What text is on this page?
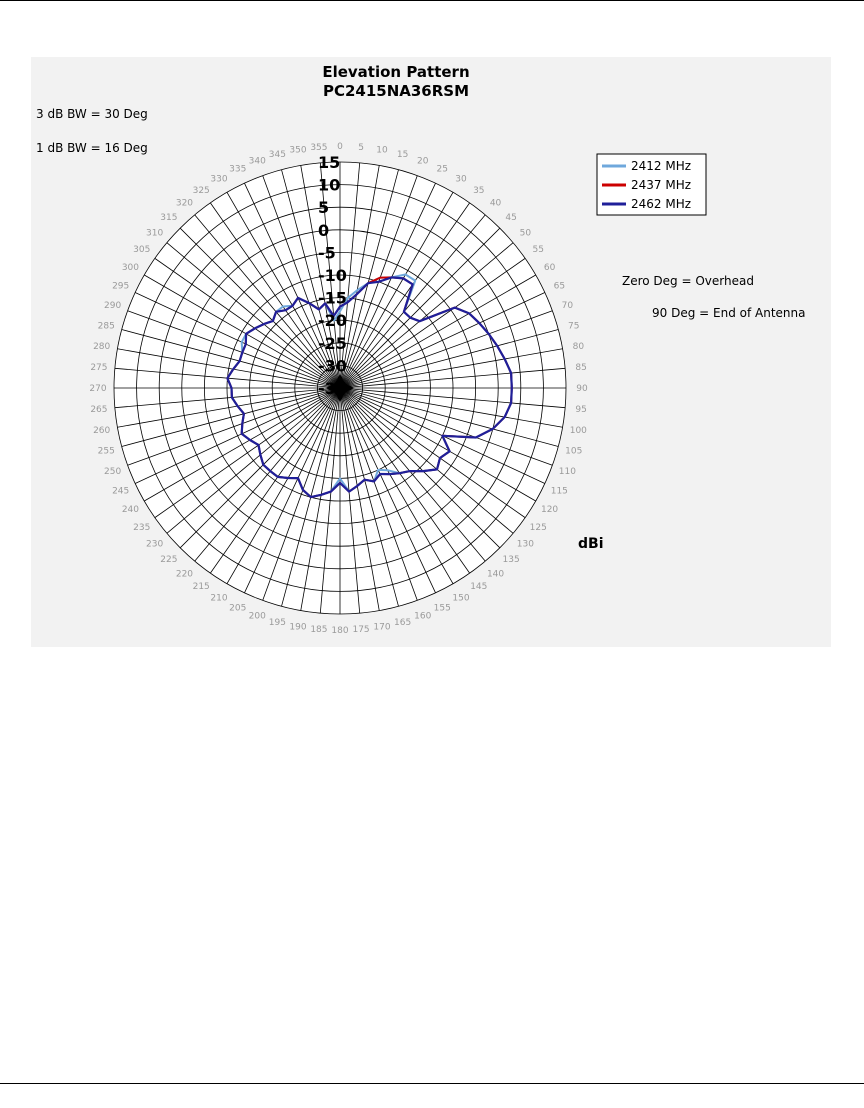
Elevation Pattern
PC2415NA36RSM
3 dB BW = 30 Deg
1 dB BW = 16 Deg
Zero Deg = Overhead
90 Deg = End of Antenna
dBi
0 5 10 15
20
25
30
35
40
45
50
55
60
65
70
75
80
85
90
95
100
105
110
115
120
125
130
135
140
145
150
155
160
165
170
175
180
185
190
195
200
205
210
215
220
225
230
235
240
245
250
255
260
265
270
275
280
285
290
295
300
305
310
315
320
325
330
335
340
345 350 355
15
10
5
0
-5
-10
-15
-20
-25
-30
-35
2412 MHz
2437 MHz
2462 MHz
